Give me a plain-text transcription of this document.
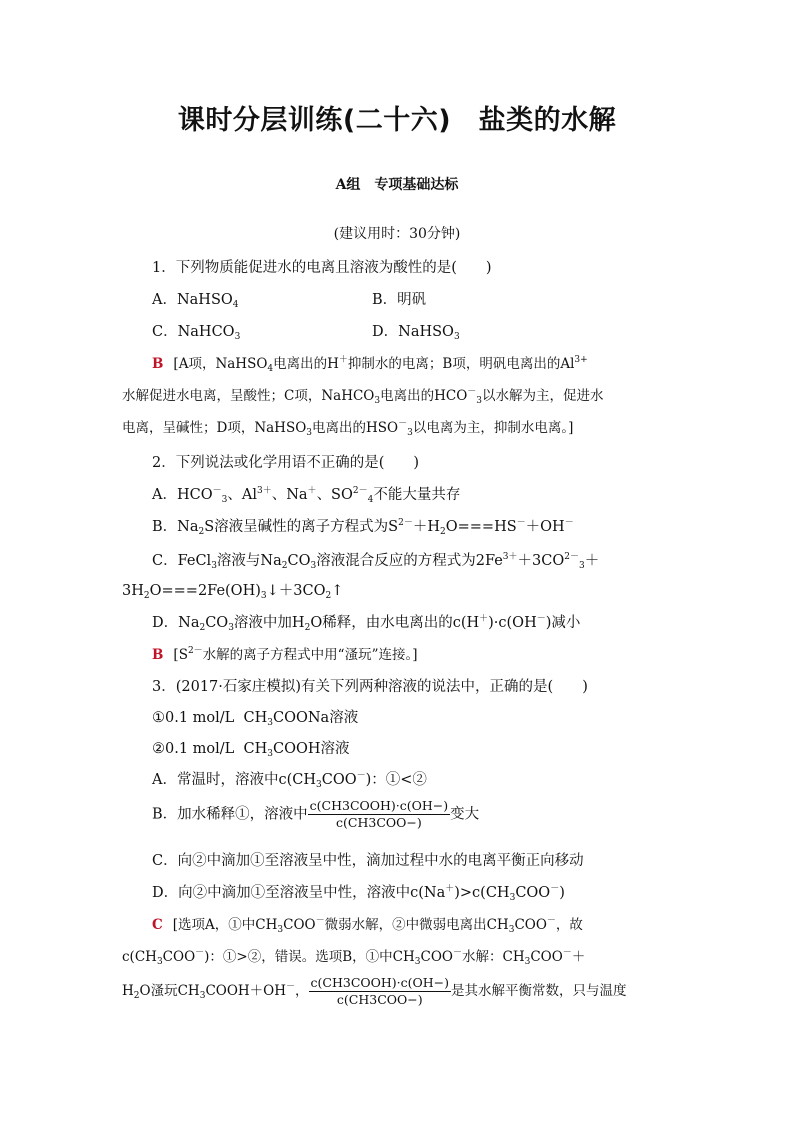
课时分层训练(二十六)　盐类的水解
A组　专项基础达标
(建议用时：30分钟)
1．下列物质能促进水的电离且溶液为酸性的是(　　)
A．NaHSO$_4$	B．明矾
C．NaHCO$_3$	D．NaHSO$_3$
B [A项，NaHSO$_4$电离出的H＋抑制水的电离；B项，明矾电离出的$Al^{3+}$
水解促进水电离，呈酸性；C项，NaHCO$_3$电离出的$HCO^-_3$以水解为主，促进水
电离，呈碱性；D项，NaHSO$_3$电离出的$HSO^-_3$以电离为主，抑制水电离。]
2．下列说法或化学用语不正确的是(　　)
A．$HCO^-_3$、$Al^{3+}$、Na＋、$SO^{2-}_4$不能大量共存
B．$Na_2S$溶液呈碱性的离子方程式为$S^{2-}+H_2O===HS^-+OH^-$
C．FeCl$_3$溶液与$Na_2CO_3$溶液混合反应的方程式为$2Fe^{3+}+3CO^{2-}_3+$
$3H_2O===2Fe(OH)_3↓+3CO_2↑$
D．$Na_2CO_3$溶液中加$H_2O$稀释，由水电离出的c(H＋)·c(OH－)减小
B [$S^{2-}$水解的离子方程式中用“溞玩”连接。]
3．(2017·石家庄模拟)有关下列两种溶液的说法中，正确的是(　　)
①0.1 mol/L  $CH_3COONa$溶液
②0.1 mol/L  $CH_3COOH$溶液
A．常温时，溶液中$c(CH_3COO^-)$：①<②
B．加水稀释①，溶液中 $\frac{\text{c(CH3COOH)·c(OH−)}}{\text{c(CH3COO−)}}$ 变大
C．向②中滴加①至溶液呈中性，滴加过程中水的电离平衡正向移动
D．向②中滴加①至溶液呈中性，溶液中$c(Na^+)>c(CH_3COO^-)$
C [选项A，①中$CH_3COO^-$微弱水解，②中微弱电离出$CH_3COO^-$，故
$c(CH_3COO^-)$：①>②，错误。选项B，①中$CH_3COO^-$水解：$CH_3COO^-+$
$H_2O$溞玩$CH_3COOH+OH^-$， $\frac{\text{c(CH3COOH)·c(OH−)}}{\text{c(CH3COO−)}}$ 是其水解平衡常数，只与温度
